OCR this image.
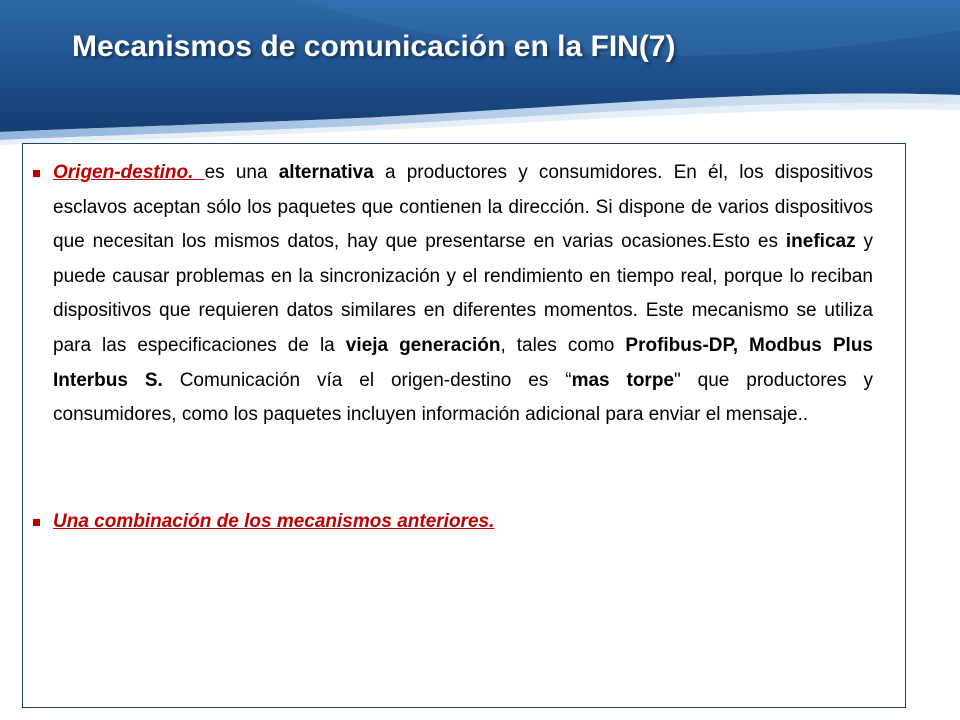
Mecanismos de comunicación en la FIN(7)
Origen-destino. es una alternativa a productores y consumidores. En él, los dispositivos esclavos aceptan sólo los paquetes que contienen la dirección. Si dispone de varios dispositivos que necesitan los mismos datos, hay que presentarse en varias ocasiones.Esto es ineficaz y puede causar problemas en la sincronización y el rendimiento en tiempo real, porque lo reciban dispositivos que requieren datos similares en diferentes momentos. Este mecanismo se utiliza para las especificaciones de la vieja generación, tales como Profibus-DP, Modbus Plus Interbus S. Comunicación vía el origen-destino es “mas torpe" que productores y consumidores, como los paquetes incluyen información adicional para enviar el mensaje..
Una combinación de los mecanismos anteriores.
